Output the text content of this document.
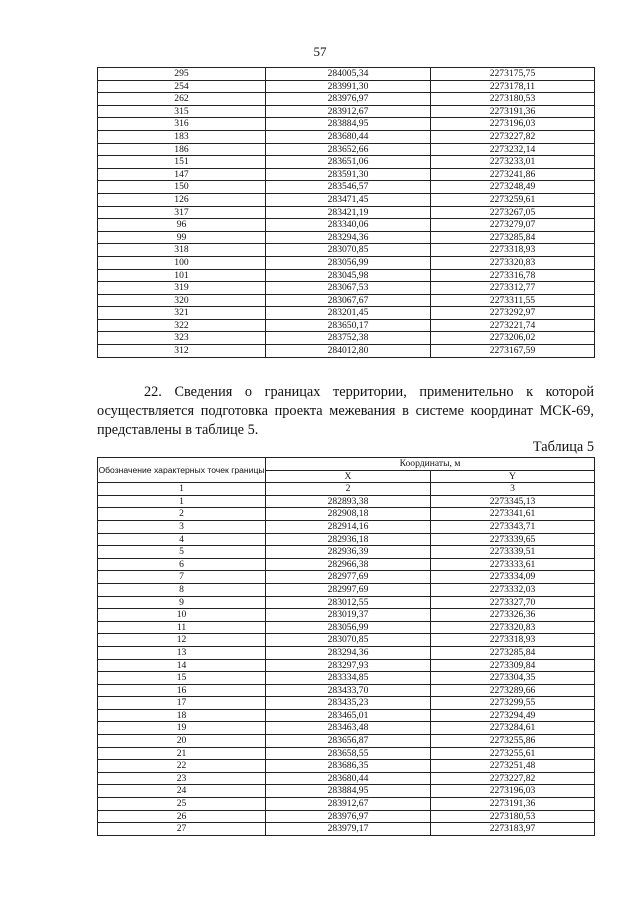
57
295	284005,34	2273175,75
254	283991,30	2273178,11
262	283976,97	2273180,53
315	283912,67	2273191,36
316	283884,95	2273196,03
183	283680,44	2273227,82
186	283652,66	2273232,14
151	283651,06	2273233,01
147	283591,30	2273241,86
150	283546,57	2273248,49
126	283471,45	2273259,61
317	283421,19	2273267,05
96	283340,06	2273279,07
99	283294,36	2273285,84
318	283070,85	2273318,93
100	283056,99	2273320,83
101	283045,98	2273316,78
319	283067,53	2273312,77
320	283067,67	2273311,55
321	283201,45	2273292,97
322	283650,17	2273221,74
323	283752,38	2273206,02
312	284012,80	2273167,59
22. Сведения о границах территории, применительно к которой осуществляется подготовка проекта межевания в системе координат МСК-69, представлены в таблице 5.
Таблица 5
Обозначение характерных точек границы	Координаты, м	
	X	Y
1	2	3
1	282893,38	2273345,13
2	282908,18	2273341,61
3	282914,16	2273343,71
4	282936,18	2273339,65
5	282936,39	2273339,51
6	282966,38	2273333,61
7	282977,69	2273334,09
8	282997,69	2273332,03
9	283012,55	2273327,70
10	283019,37	2273326,36
11	283056,99	2273320,83
12	283070,85	2273318,93
13	283294,36	2273285,84
14	283297,93	2273309,84
15	283334,85	2273304,35
16	283433,70	2273289,66
17	283435,23	2273299,55
18	283465,01	2273294,49
19	283463,48	2273284,61
20	283656,87	2273255,86
21	283658,55	2273255,61
22	283686,35	2273251,48
23	283680,44	2273227,82
24	283884,95	2273196,03
25	283912,67	2273191,36
26	283976,97	2273180,53
27	283979,17	2273183,97
